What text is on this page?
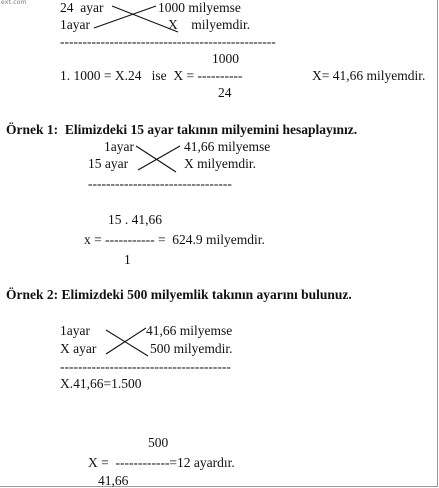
ext.com 24  ayar	1000 milyemse
1ayar	X    milyemdir.
------------------------------------------------
1000
1. 1000 = X.24   ise  X = ----------	X= 41,66 milyemdir.
24
Örnek 1:  Elimizdeki 15 ayar takının milyemini hesaplayınız.
1ayar	41,66 milyemse
15 ayar	X milyemdir.
--------------------------------
15 . 41,66
x = ----------- =  624.9 milyemdir.
1
Örnek 2: Elimizdeki 500 milyemlik takının ayarını bulunuz.
1ayar	41,66 milyemse
X ayar	500 milyemdir.
--------------------------------------
X.41,66=1.500
500
X =  ------------=12 ayardır.
41,66
